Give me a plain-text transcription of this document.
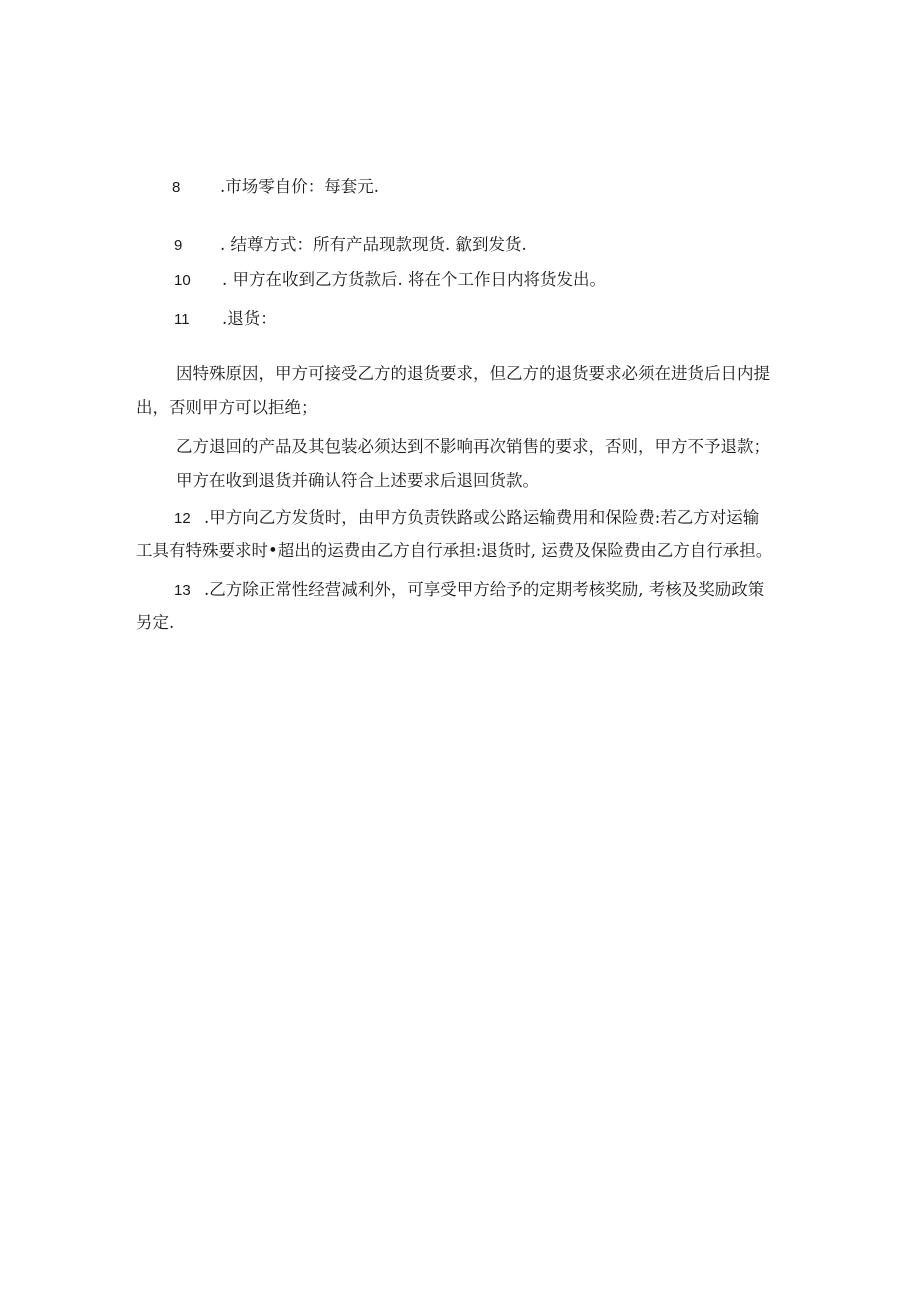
8 .市场零自价：每套元.
9 . 结尊方式：所有产品现款现货. 歙到发货.
10 . 甲方在收到乙方货款后. 将在个工作日内将货发出。
11 .退货：
因特殊原因，甲方可接受乙方的退货要求，但乙方的退货要求必须在进货后日内提
出，否则甲方可以拒绝；
乙方退回的产品及其包装必须达到不影响再次销售的要求，否则，甲方不予退款；
甲方在收到退货并确认符合上述要求后退回货款。
12 .甲方向乙方发货时，由甲方负责铁路或公路运输费用和保险费:若乙方对运输
工具有特殊要求时•超出的运费由乙方自行承担:退货时, 运费及保险费由乙方自行承担。
13 .乙方除正常性经营减利外，可享受甲方给予的定期考核奖励, 考核及奖励政策
另定.
